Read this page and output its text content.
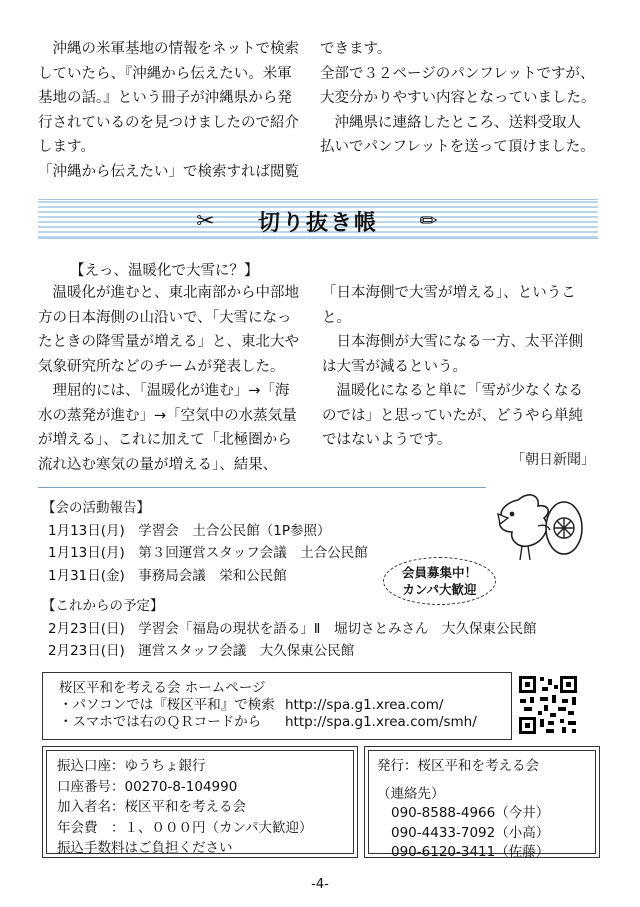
　沖縄の米軍基地の情報をネットで検索

していたら、『沖縄から伝えたい。米軍

基地の話。』という冊子が沖縄県から発

行されているのを見つけましたので紹介

します。

「沖縄から伝えたい」で検索すれば閲覧

できます。

全部で３２ページのパンフレットですが、

大変分かりやすい内容となっていました。

　沖縄県に連絡したところ、送料受取人

払いでパンフレットを送って頂けました。

✂ 切り抜き帳 ✏
【えっ、温暖化で大雪に？】

　温暖化が進むと、東北南部から中部地

方の日本海側の山沿いで、「大雪になっ

たときの降雪量が増える」と、東北大や

気象研究所などのチームが発表した。

　理屈的には、「温暖化が進む」→「海

水の蒸発が進む」→「空気中の水蒸気量

が増える」、これに加えて「北極圏から

流れ込む寒気の量が増える」、結果、

「日本海側で大雪が増える」、というこ

と。

　日本海側が大雪になる一方、太平洋側

は大雪が減るという。

　温暖化になると単に「雪が少なくなる

のでは」と思っていたが、どうやら単純

ではないようです。

「朝日新聞」

【会の活動報告】

1月13日(月)　学習会　土合公民館（1P参照）

1月13日(月)　第３回運営スタッフ会議　土合公民館

1月31日(金)　事務局会議　栄和公民館	会員募集中！
カンパ大歓迎

【これからの予定】

2月23日(日)　学習会「福島の現状を語る」Ⅱ　堀切さとみさん　大久保東公民館

2月23日(日)　運営スタッフ会議　大久保東公民館

桜区平和を考える会 ホームページ

・パソコンでは『桜区平和』で検索 http://spa.g1.xrea.com/

・スマホでは右のＱＲコードから http://spa.g1.xrea.com/smh/

振込口座：ゆうちょ銀行

口座番号：00270-8-104990

加入者名：桜区平和を考える会

年会費　：１、０００円（カンパ大歓迎）

振込手数料はご負担ください

発行：桜区平和を考える会

（連絡先）

090-8588-4966（今井）

090-4433-7092（小高）

090-6120-3411（佐藤）

-4-
